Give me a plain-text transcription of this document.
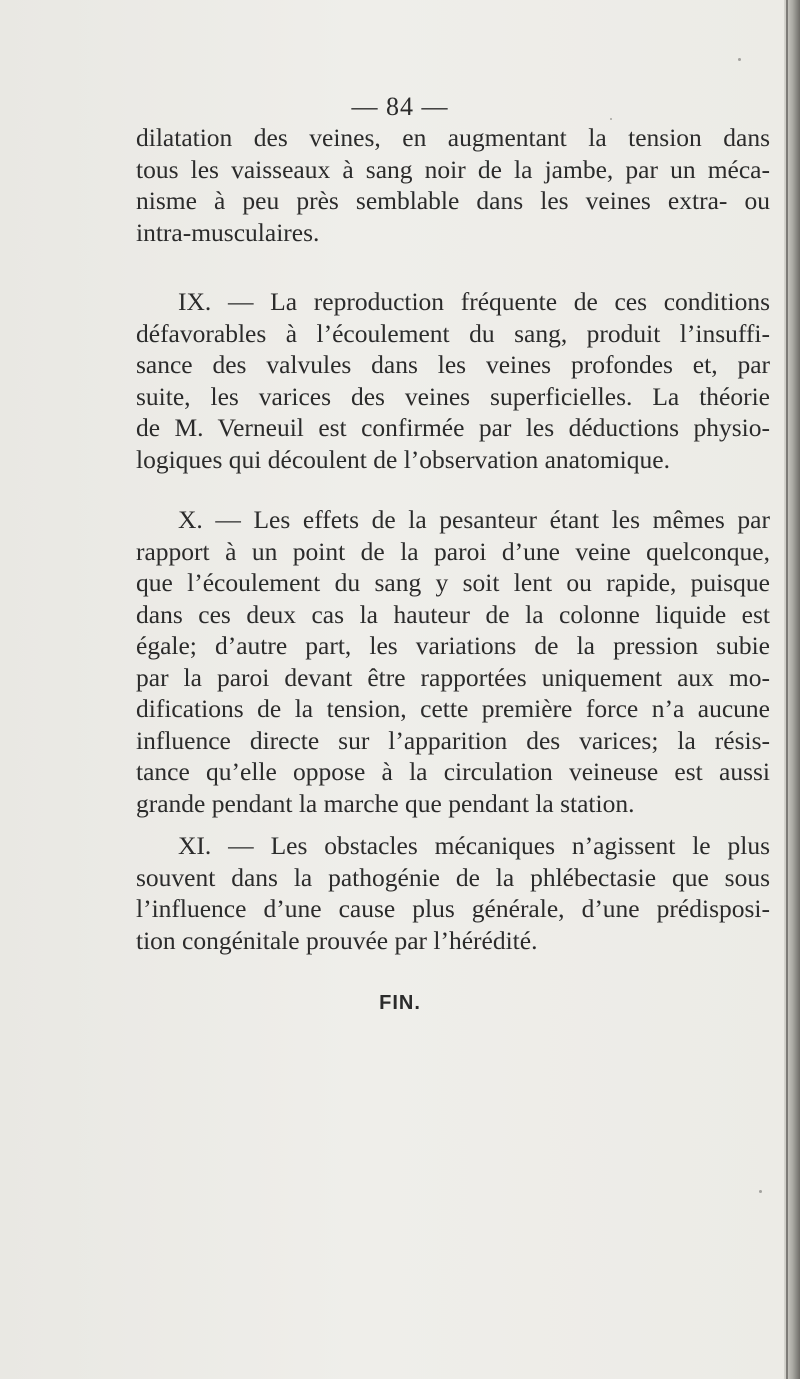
— 84 —
dilatation des veines, en augmentant la tension dans
tous les vaisseaux à sang noir de la jambe, par un méca-
nisme à peu près semblable dans les veines extra- ou
intra-musculaires.
IX. — La reproduction fréquente de ces conditions
défavorables à l’écoulement du sang, produit l’insuffi-
sance des valvules dans les veines profondes et, par
suite, les varices des veines superficielles. La théorie
de M. Verneuil est confirmée par les déductions physio-
logiques qui découlent de l’observation anatomique.
X. — Les effets de la pesanteur étant les mêmes par
rapport à un point de la paroi d’une veine quelconque,
que l’écoulement du sang y soit lent ou rapide, puisque
dans ces deux cas la hauteur de la colonne liquide est
égale; d’autre part, les variations de la pression subie
par la paroi devant être rapportées uniquement aux mo-
difications de la tension, cette première force n’a aucune
influence directe sur l’apparition des varices; la résis-
tance qu’elle oppose à la circulation veineuse est aussi
grande pendant la marche que pendant la station.
XI. — Les obstacles mécaniques n’agissent le plus
souvent dans la pathogénie de la phlébectasie que sous
l’influence d’une cause plus générale, d’une prédisposi-
tion congénitale prouvée par l’hérédité.
FIN.
